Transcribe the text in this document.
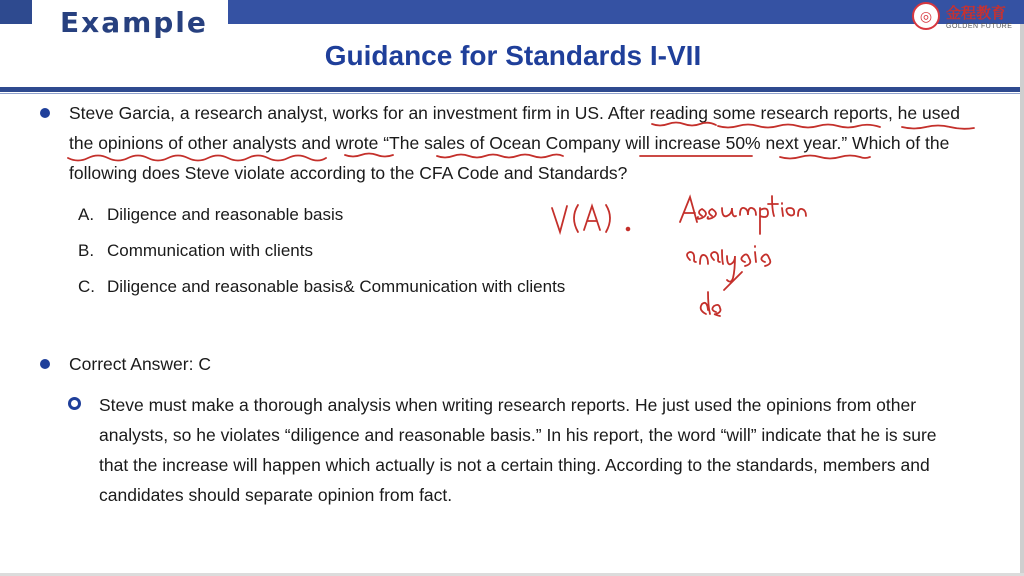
Example	◎ 金程教育
GOLDEN FUTURE
Guidance for Standards I-VII
Steve Garcia, a research analyst, works for an investment firm in US. After reading some research reports, he used
the opinions of other analysts and wrote “The sales of Ocean Company will increase 50% next year.” Which of the
following does Steve violate according to the CFA Code and Standards?
A. Diligence and reasonable basis
B. Communication with clients
C. Diligence and reasonable basis& Communication with clients
Correct Answer: C
Steve must make a thorough analysis when writing research reports. He just used the opinions from other
analysts, so he violates “diligence and reasonable basis.” In his report, the word “will” indicate that he is sure
that the increase will happen which actually is not a certain thing. According to the standards, members and
candidates should separate opinion from fact.
